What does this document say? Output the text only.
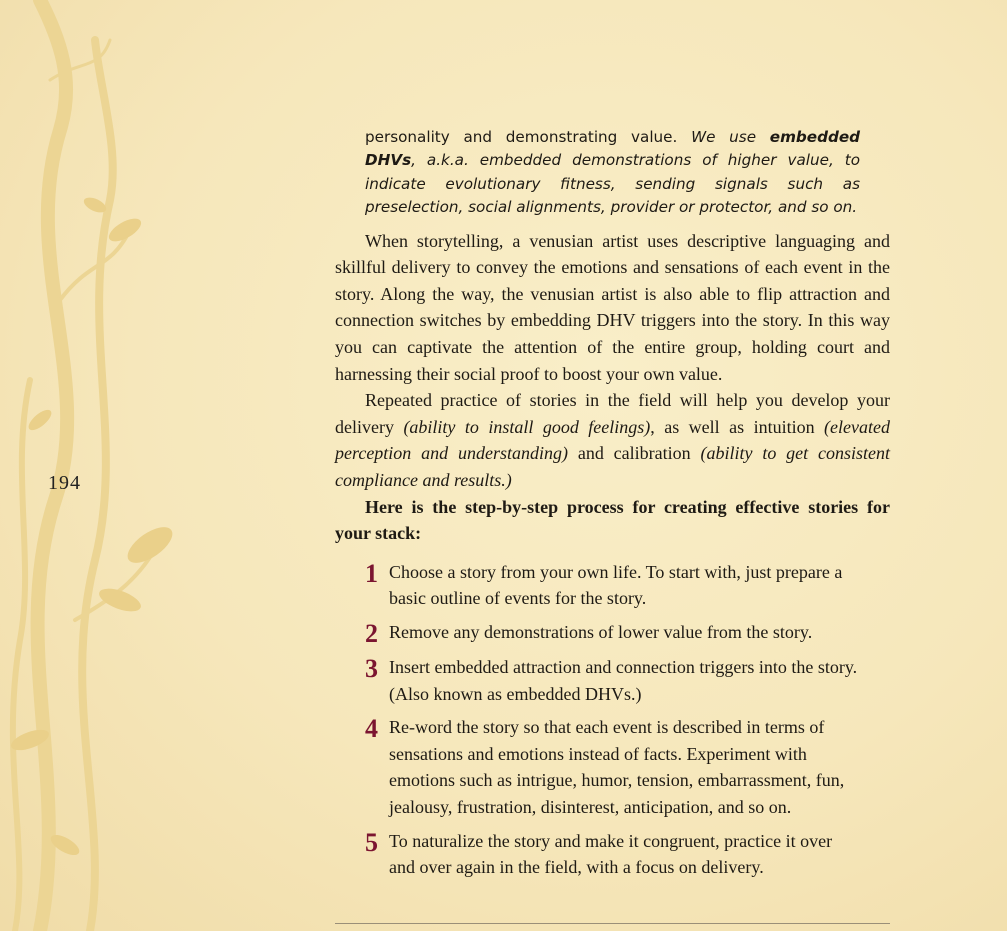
194

personality and demonstrating value. We use embedded DHVs, a.k.a. embedded demonstrations of higher value, to indicate evolutionary fitness, sending signals such as preselection, social alignments, provider or protector, and so on.

When storytelling, a venusian artist uses descriptive languaging and skillful delivery to convey the emotions and sensations of each event in the story. Along the way, the venusian artist is also able to flip attraction and connection switches by embedding DHV triggers into the story. In this way you can captivate the attention of the entire group, holding court and harnessing their social proof to boost your own value.

Repeated practice of stories in the field will help you develop your delivery (ability to install good feelings), as well as intuition (elevated perception and understanding) and calibration (ability to get consistent compliance and results.)

Here is the step-by-step process for creating effective stories for your stack:

1 Choose a story from your own life. To start with, just prepare a basic outline of events for the story.
2 Remove any demonstrations of lower value from the story.
3 Insert embedded attraction and connection triggers into the story. (Also known as embedded DHVs.)
4 Re-word the story so that each event is described in terms of sensations and emotions instead of facts. Experiment with emotions such as intrigue, humor, tension, embarrassment, fun, jealousy, frustration, disinterest, anticipation, and so on.
5 To naturalize the story and make it congruent, practice it over and over again in the field, with a focus on delivery.
